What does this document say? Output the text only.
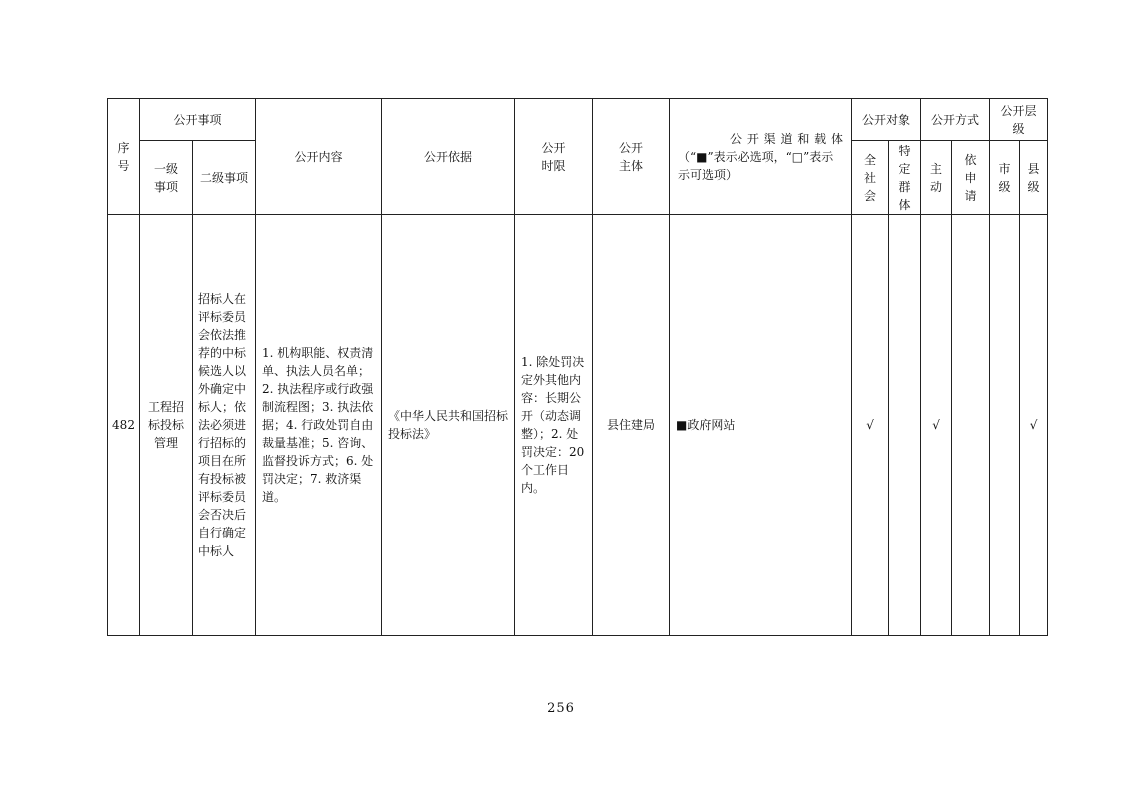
序号	公开事项		公开内容	公开依据	公开时限	公开主体	公开渠道和载体
（“■”表示必选项，“□”表示
示可选项）	公开对象		公开方式		公开层级	

	一级事项	二级事项						全社会	特定群体	主动	依申请	市级	县级

482	工程招标投标管理	招标人在评标委员会依法推荐的中标候选人以外确定中标人；依法必须进行招标的项目在所有投标被评标委员会否决后自行确定中标人	1. 机构职能、权责清单、执法人员名单；2. 执法程序或行政强制流程图；3. 执法依据；4. 行政处罚自由裁量基准；5. 咨询、监督投诉方式；6. 处罚决定；7. 救济渠道。	《中华人民共和国招标投标法》	1. 除处罚决定外其他内容：长期公开（动态调整）；2. 处罚决定：20个工作日内。	县住建局	■政府网站	√		√			√
256
